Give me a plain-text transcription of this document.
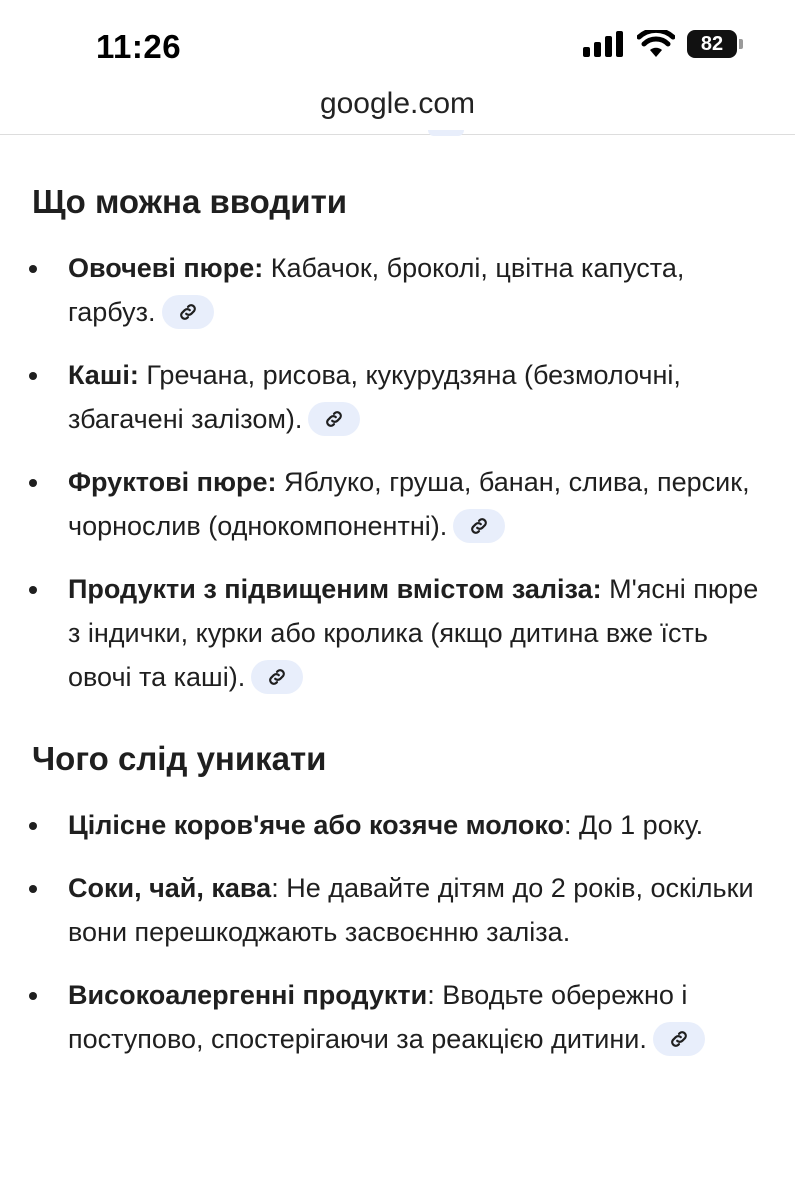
11:26	82
google.com
Що можна вводити
Овочеві пюре: Кабачок, броколі, цвітна капуста, гарбуз.
Каші: Гречана, рисова, кукурудзяна (безмолочні, збагачені залізом).
Фруктові пюре: Яблуко, груша, банан, слива, персик, чорнослив (однокомпонентні).
Продукти з підвищеним вмістом заліза: М'ясні пюре з індички, курки або кролика (якщо дитина вже їсть овочі та каші).
Чого слід уникати
Цілісне коров'яче або козяче молоко: До 1 року.
Соки, чай, кава: Не давайте дітям до 2 років, оскільки вони перешкоджають засвоєнню заліза.
Високоалергенні продукти: Вводьте обережно і поступово, спостерігаючи за реакцією дитини.
